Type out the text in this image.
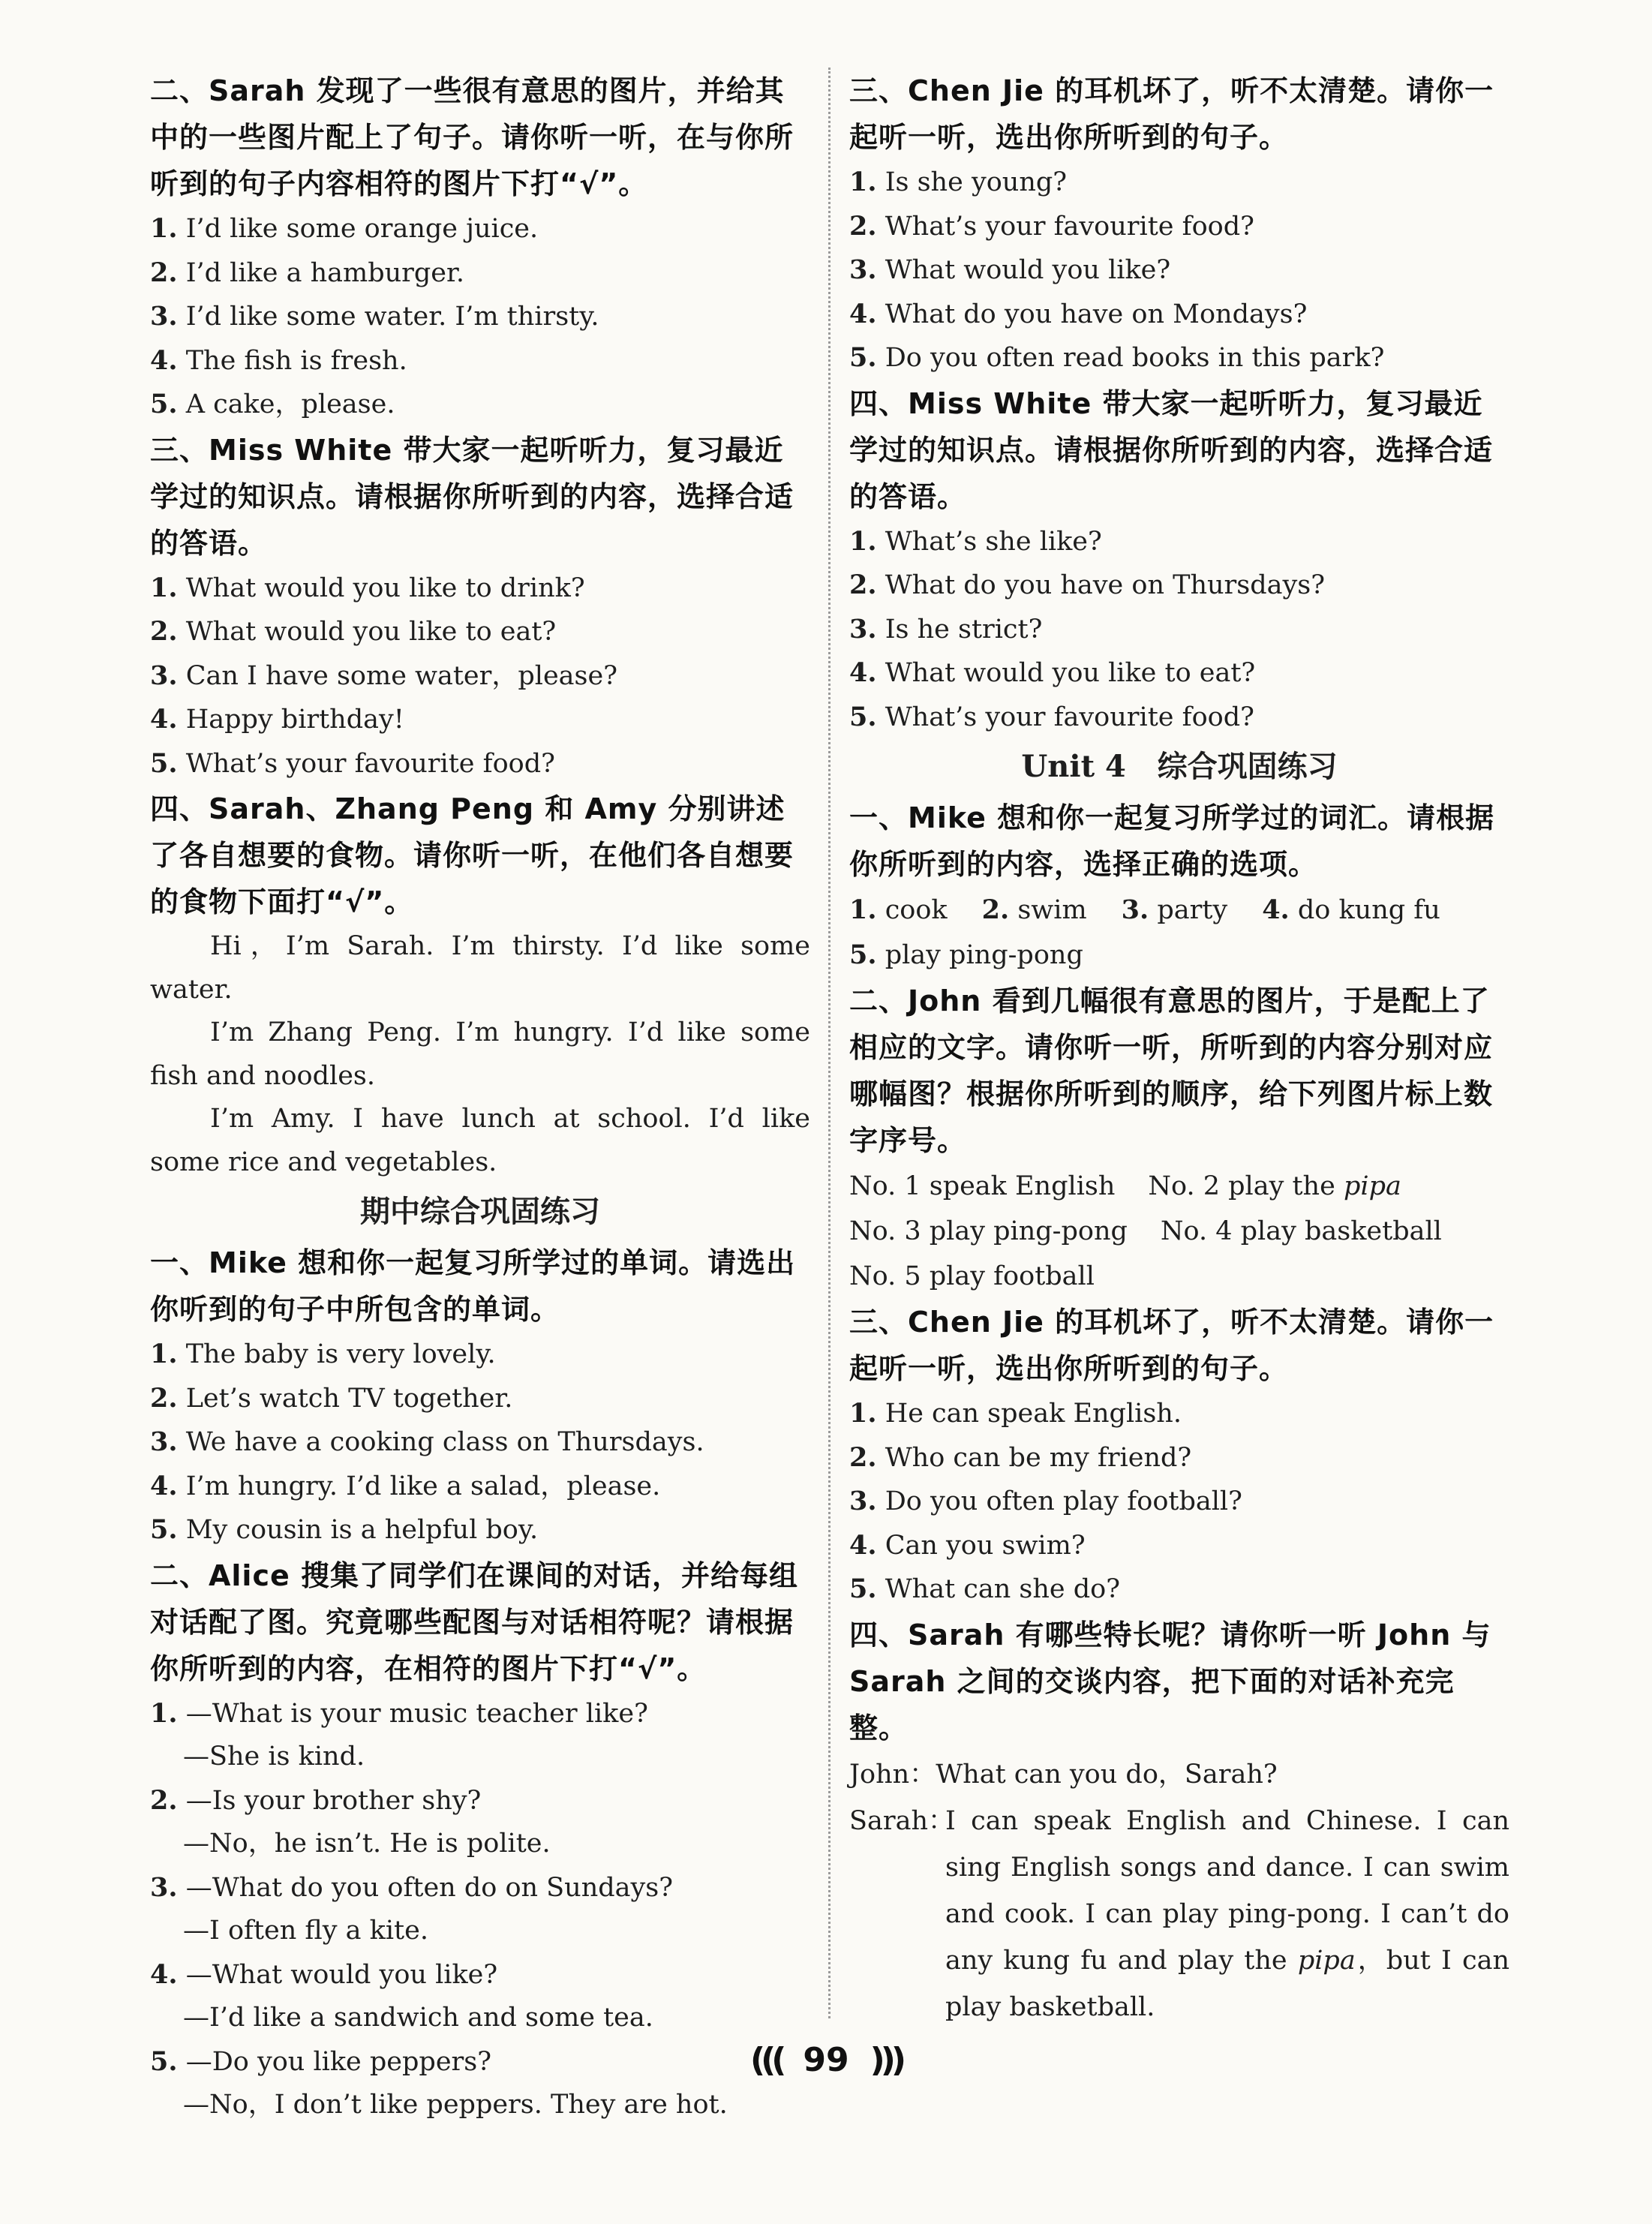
二、Sarah 发现了一些很有意思的图片，并给其中的一些图片配上了句子。请你听一听，在与你所听到的句子内容相符的图片下打“√”。

1. I’d like some orange juice.

2. I’d like a hamburger.

3. I’d like some water. I’m thirsty.

4. The fish is fresh.

5. A cake，please.

三、Miss White 带大家一起听听力，复习最近学过的知识点。请根据你所听到的内容，选择合适的答语。

1. What would you like to drink?

2. What would you like to eat?

3. Can I have some water，please?

4. Happy birthday!

5. What’s your favourite food?

四、Sarah、Zhang Peng 和 Amy 分别讲述了各自想要的食物。请你听一听，在他们各自想要的食物下面打“√”。

Hi，I’m Sarah. I’m thirsty. I’d like some water.

I’m Zhang Peng. I’m hungry. I’d like some fish and noodles.

I’m Amy. I have lunch at school. I’d like some rice and vegetables.

期中综合巩固练习

一、Mike 想和你一起复习所学过的单词。请选出你听到的句子中所包含的单词。

1. The baby is very lovely.

2. Let’s watch TV together.

3. We have a cooking class on Thursdays.

4. I’m hungry. I’d like a salad，please.

5. My cousin is a helpful boy.

二、Alice 搜集了同学们在课间的对话，并给每组对话配了图。究竟哪些配图与对话相符呢？请根据你所听到的内容，在相符的图片下打“√”。

1. —What is your music teacher like?

—She is kind.

2. —Is your brother shy?

—No，he isn’t. He is polite.

3. —What do you often do on Sundays?

—I often fly a kite.

4. —What would you like?

—I’d like a sandwich and some tea.

5. —Do you like peppers?

—No，I don’t like peppers. They are hot.

三、Chen Jie 的耳机坏了，听不太清楚。请你一起听一听，选出你所听到的句子。

1. Is she young?

2. What’s your favourite food?

3. What would you like?

4. What do you have on Mondays?

5. Do you often read books in this park?

四、Miss White 带大家一起听听力，复习最近学过的知识点。请根据你所听到的内容，选择合适的答语。

1. What’s she like?

2. What do you have on Thursdays?

3. Is he strict?

4. What would you like to eat?

5. What’s your favourite food?

Unit 4 综合巩固练习

一、Mike 想和你一起复习所学过的词汇。请根据你所听到的内容，选择正确的选项。

1. cook 2. swim 3. party 4. do kung fu

5. play ping-pong

二、John 看到几幅很有意思的图片，于是配上了相应的文字。请你听一听，所听到的内容分别对应哪幅图？根据你所听到的顺序，给下列图片标上数字序号。

No. 1 speak English No. 2 play the pipa

No. 3 play ping-pong No. 4 play basketball

No. 5 play football

三、Chen Jie 的耳机坏了，听不太清楚。请你一起听一听，选出你所听到的句子。

1. He can speak English.

2. Who can be my friend?

3. Do you often play football?

4. Can you swim?

5. What can she do?

四、Sarah 有哪些特长呢？请你听一听 John 与 Sarah 之间的交谈内容，把下面的对话补充完整。

John：What can you do，Sarah?

Sarah：

I can speak English and Chinese. I can sing English songs and dance. I can swim and cook. I can play ping-pong. I can’t do any kung fu and play the pipa，but I can play basketball.

((( 99 )))
